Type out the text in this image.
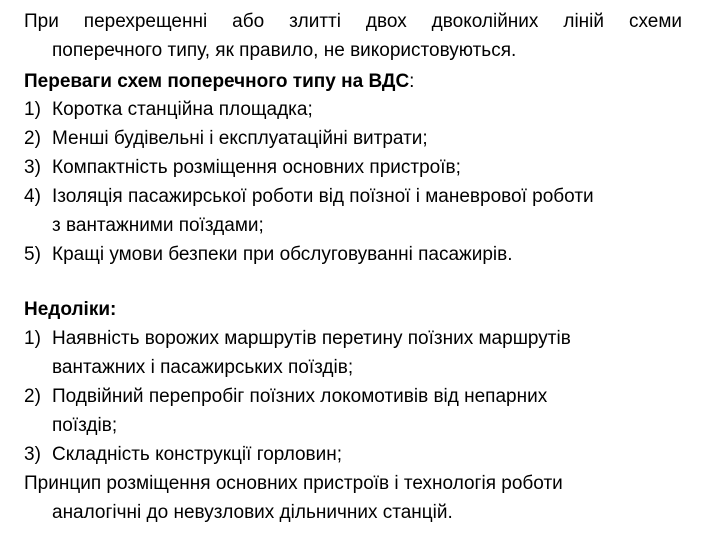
При перехрещенні або злитті двох двоколійних ліній схеми
поперечного типу, як правило, не використовуються.
Переваги схем поперечного типу на ВДС:
1) Коротка станційна площадка;
2) Менші будівельні і експлуатаційні витрати;
3) Компактність розміщення основних пристроїв;
4) Ізоляція пасажирської роботи від поїзної і маневрової роботи
з вантажними поїздами;
5) Кращі умови безпеки при обслуговуванні пасажирів.
Недоліки:
1) Наявність ворожих маршрутів перетину поїзних маршрутів
вантажних і пасажирських поїздів;
2) Подвійний перепробіг поїзних локомотивів від непарних
поїздів;
3) Складність конструкції горловин;
Принцип розміщення основних пристроїв і технологія роботи
аналогічні до невузлових дільничних станцій.
